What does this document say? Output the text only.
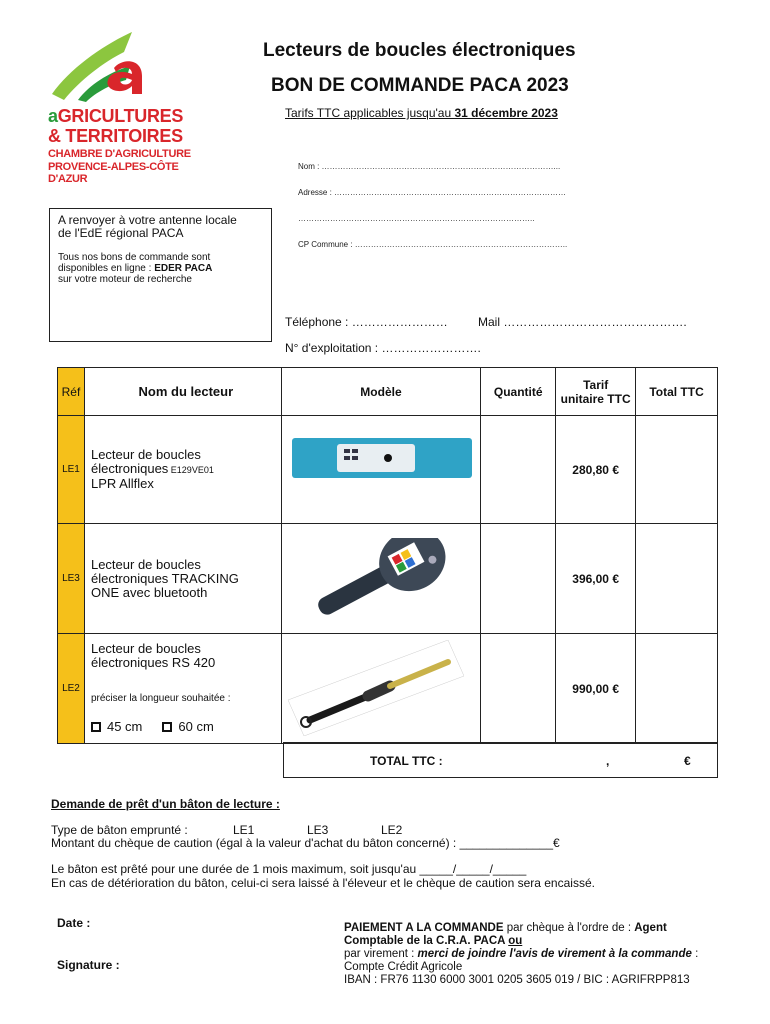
aGRICULTURES
& TERRITOIRES
CHAMBRE D'AGRICULTURE
PROVENCE-ALPES-CÔTE D'AZUR
Lecteurs de boucles électroniques
BON DE COMMANDE PACA 2023
Tarifs TTC applicables jusqu'au 31 décembre 2023
Nom : ……………………………………………………………………………...
Adresse : ……………………………………………………………………………
……………………………………………………………………………..
CP Commune : ……………………………………………………………………..
Téléphone : ……………………	Mail ……………………………………….
N° d'exploitation : …………………….
A renvoyer à votre antenne locale
de l'EdE régional PACA
Tous nos bons de commande sont
disponibles en ligne : EDER PACA
sur votre moteur de recherche
Réf	Nom du lecteur	Modèle	Quantité	Tarif
unitaire TTC	Total TTC
LE1	Lecteur de boucles
électroniques E129VE01
LPR Allflex			280,80 €	
LE3	Lecteur de boucles
électroniques TRACKING
ONE avec bluetooth			396,00 €	
LE2	Lecteur de boucles
électroniques RS 420
préciser la longueur souhaitée :
45 cm 60 cm			990,00 €	
TOTAL TTC :	,	€
Demande de prêt d'un bâton de lecture :
Type de bâton emprunté :	LE1	LE3	LE2
Montant du chèque de caution (égal à la valeur d'achat du bâton concerné) : ______________€
Le bâton est prêté pour une durée de 1 mois maximum, soit jusqu'au _____/_____/_____
En cas de détérioration du bâton, celui-ci sera laissé à l'éleveur et le chèque de caution sera encaissé.
Date :
Signature :
PAIEMENT A LA COMMANDE par chèque à l'ordre de : Agent
Comptable de la C.R.A. PACA ou
par virement : merci de joindre l'avis de virement à la commande :
Compte Crédit Agricole
IBAN : FR76 1130 6000 3001 0205 3605 019 / BIC : AGRIFRPP813
